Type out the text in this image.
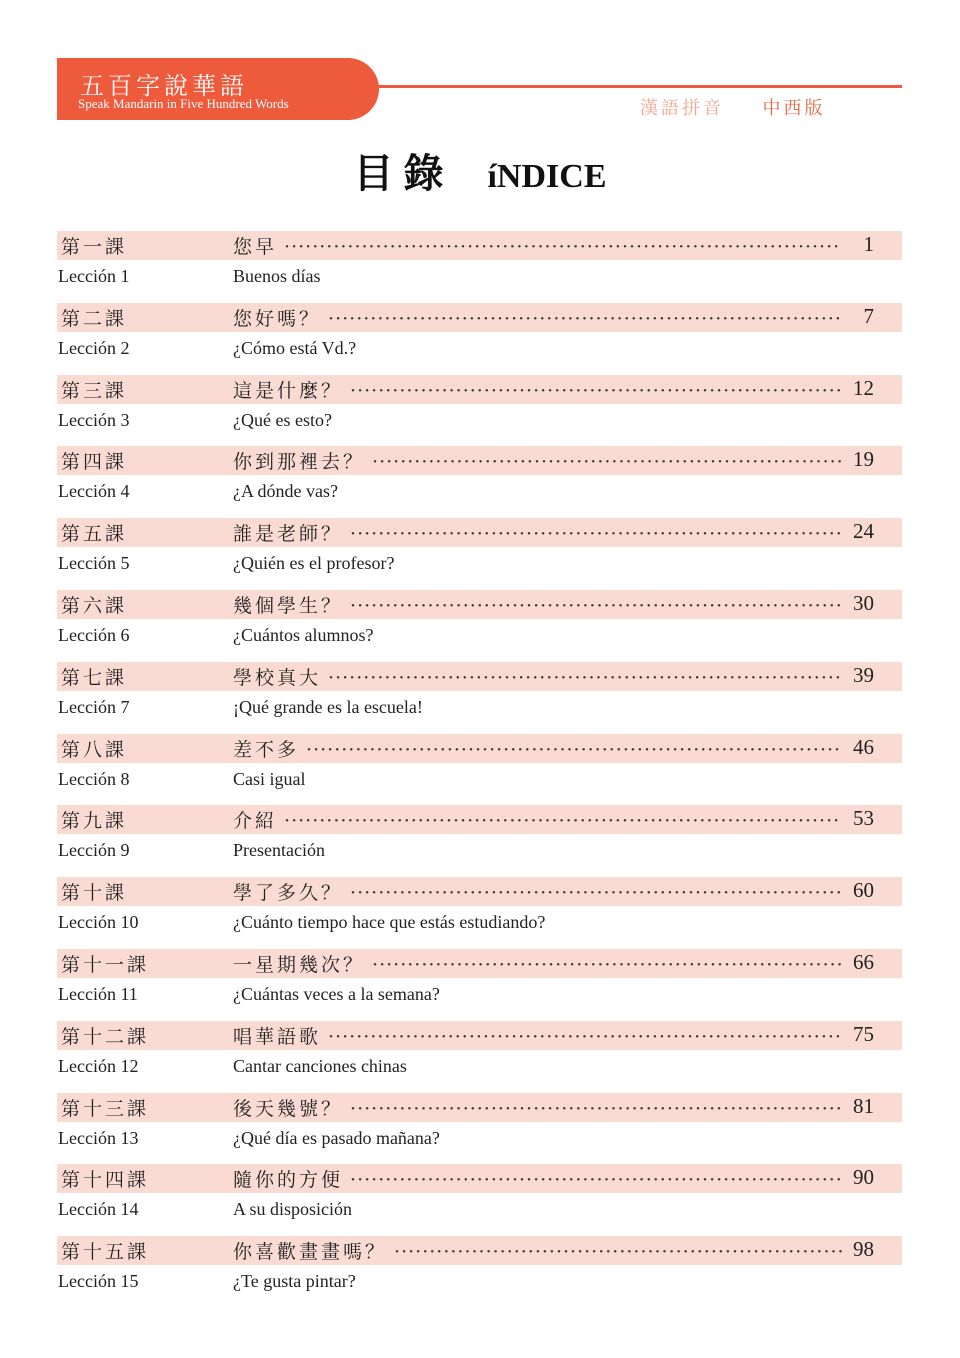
五百字說華語
Speak Mandarin in Five Hundred Words	漢語拼音 　 中西版
目錄 íNDICE
第一課	您早 ·····	1
Lección 1	Buenos días
第二課	您好嗎？ ·····	7
Lección 2	¿Cómo está Vd.?
第三課	這是什麼？ ·····	12
Lección 3	¿Qué es esto?
第四課	你到那裡去？ ·····	19
Lección 4	¿A dónde vas?
第五課	誰是老師？ ·····	24
Lección 5	¿Quién es el profesor?
第六課	幾個學生？ ·····	30
Lección 6	¿Cuántos alumnos?
第七課	學校真大 ·····	39
Lección 7	¡Qué grande es la escuela!
第八課	差不多 ·····	46
Lección 8	Casi igual
第九課	介紹 ·····	53
Lección 9	Presentación
第十課	學了多久？ ·····	60
Lección 10	¿Cuánto tiempo hace que estás estudiando?
第十一課	一星期幾次？ ·····	66
Lección 11	¿Cuántas veces a la semana?
第十二課	唱華語歌 ·····	75
Lección 12	Cantar canciones chinas
第十三課	後天幾號？ ·····	81
Lección 13	¿Qué día es pasado mañana?
第十四課	隨你的方便 ·····	90
Lección 14	A su disposición
第十五課	你喜歡畫畫嗎？ ·····	98
Lección 15	¿Te gusta pintar?
